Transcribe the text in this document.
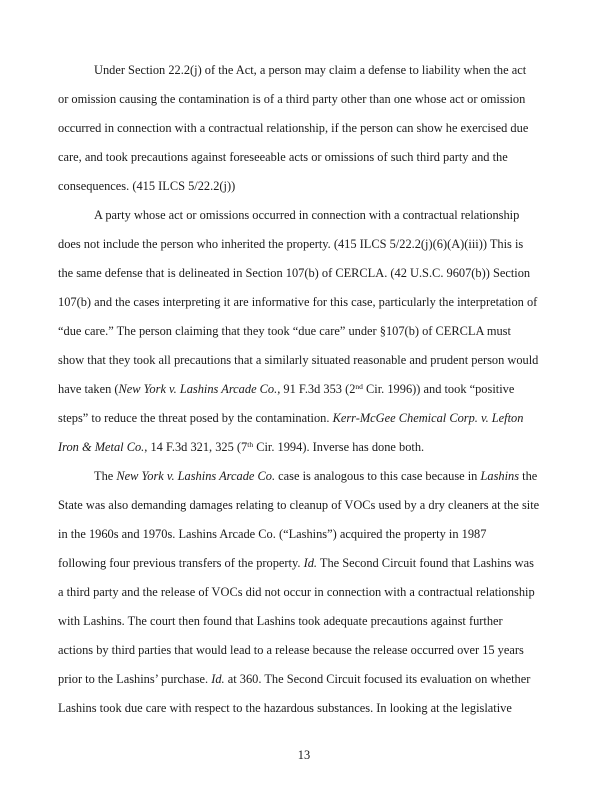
Under Section 22.2(j) of the Act, a person may claim a defense to liability when the act
or omission causing the contamination is of a third party other than one whose act or omission
occurred in connection with a contractual relationship, if the person can show he exercised due
care, and took precautions against foreseeable acts or omissions of such third party and the
consequences. (415 ILCS 5/22.2(j))
A party whose act or omissions occurred in connection with a contractual relationship
does not include the person who inherited the property. (415 ILCS 5/22.2(j)(6)(A)(iii)) This is
the same defense that is delineated in Section 107(b) of CERCLA. (42 U.S.C. 9607(b)) Section
107(b) and the cases interpreting it are informative for this case, particularly the interpretation of
“due care.” The person claiming that they took “due care” under §107(b) of CERCLA must
show that they took all precautions that a similarly situated reasonable and prudent person would
have taken (New York v. Lashins Arcade Co., 91 F.3d 353 (2nd Cir. 1996)) and took “positive
steps” to reduce the threat posed by the contamination. Kerr-McGee Chemical Corp. v. Lefton
Iron & Metal Co., 14 F.3d 321, 325 (7th Cir. 1994). Inverse has done both.
The New York v. Lashins Arcade Co. case is analogous to this case because in Lashins the
State was also demanding damages relating to cleanup of VOCs used by a dry cleaners at the site
in the 1960s and 1970s. Lashins Arcade Co. (“Lashins”) acquired the property in 1987
following four previous transfers of the property. Id. The Second Circuit found that Lashins was
a third party and the release of VOCs did not occur in connection with a contractual relationship
with Lashins. The court then found that Lashins took adequate precautions against further
actions by third parties that would lead to a release because the release occurred over 15 years
prior to the Lashins’ purchase. Id. at 360. The Second Circuit focused its evaluation on whether
Lashins took due care with respect to the hazardous substances. In looking at the legislative
13
